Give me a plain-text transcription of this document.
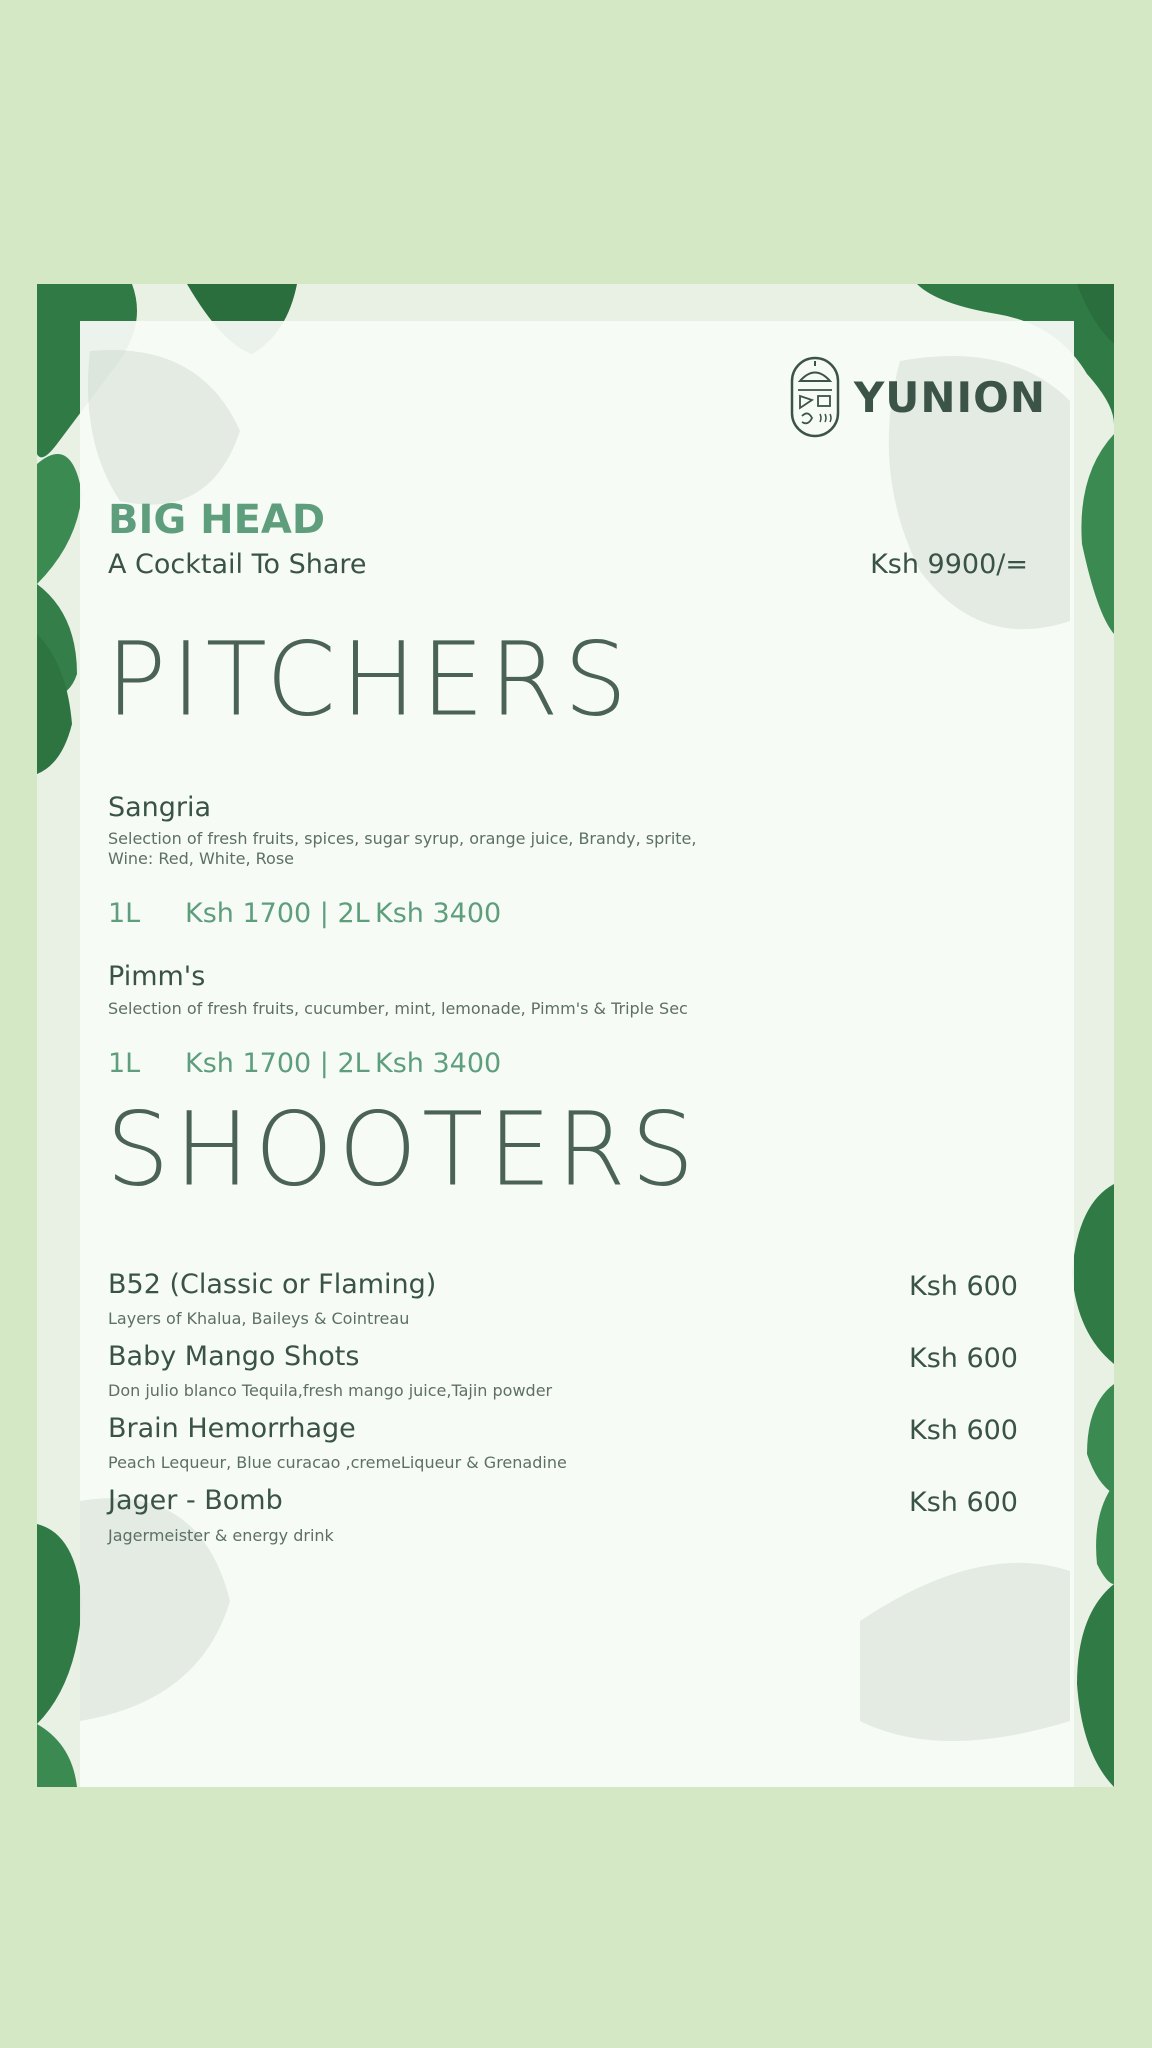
YUNION
BIG HEAD
A Cocktail To Share	Ksh 9900/=
PITCHERS
Sangria
Selection of fresh fruits, spices, sugar syrup, orange juice, Brandy, sprite, Wine: Red, White, Rose
1L	Ksh 1700 | 2L Ksh 3400
Pimm's
Selection of fresh fruits, cucumber, mint, lemonade, Pimm's & Triple Sec
1L	Ksh 1700 | 2L Ksh 3400
SHOOTERS
B52 (Classic or Flaming)	Ksh 600
Layers of Khalua, Baileys & Cointreau
Baby Mango Shots	Ksh 600
Don julio blanco Tequila,fresh mango juice,Tajin powder
Brain Hemorrhage	Ksh 600
Peach Lequeur, Blue curacao ,cremeLiqueur & Grenadine
Jager - Bomb	Ksh 600
Jagermeister & energy drink
